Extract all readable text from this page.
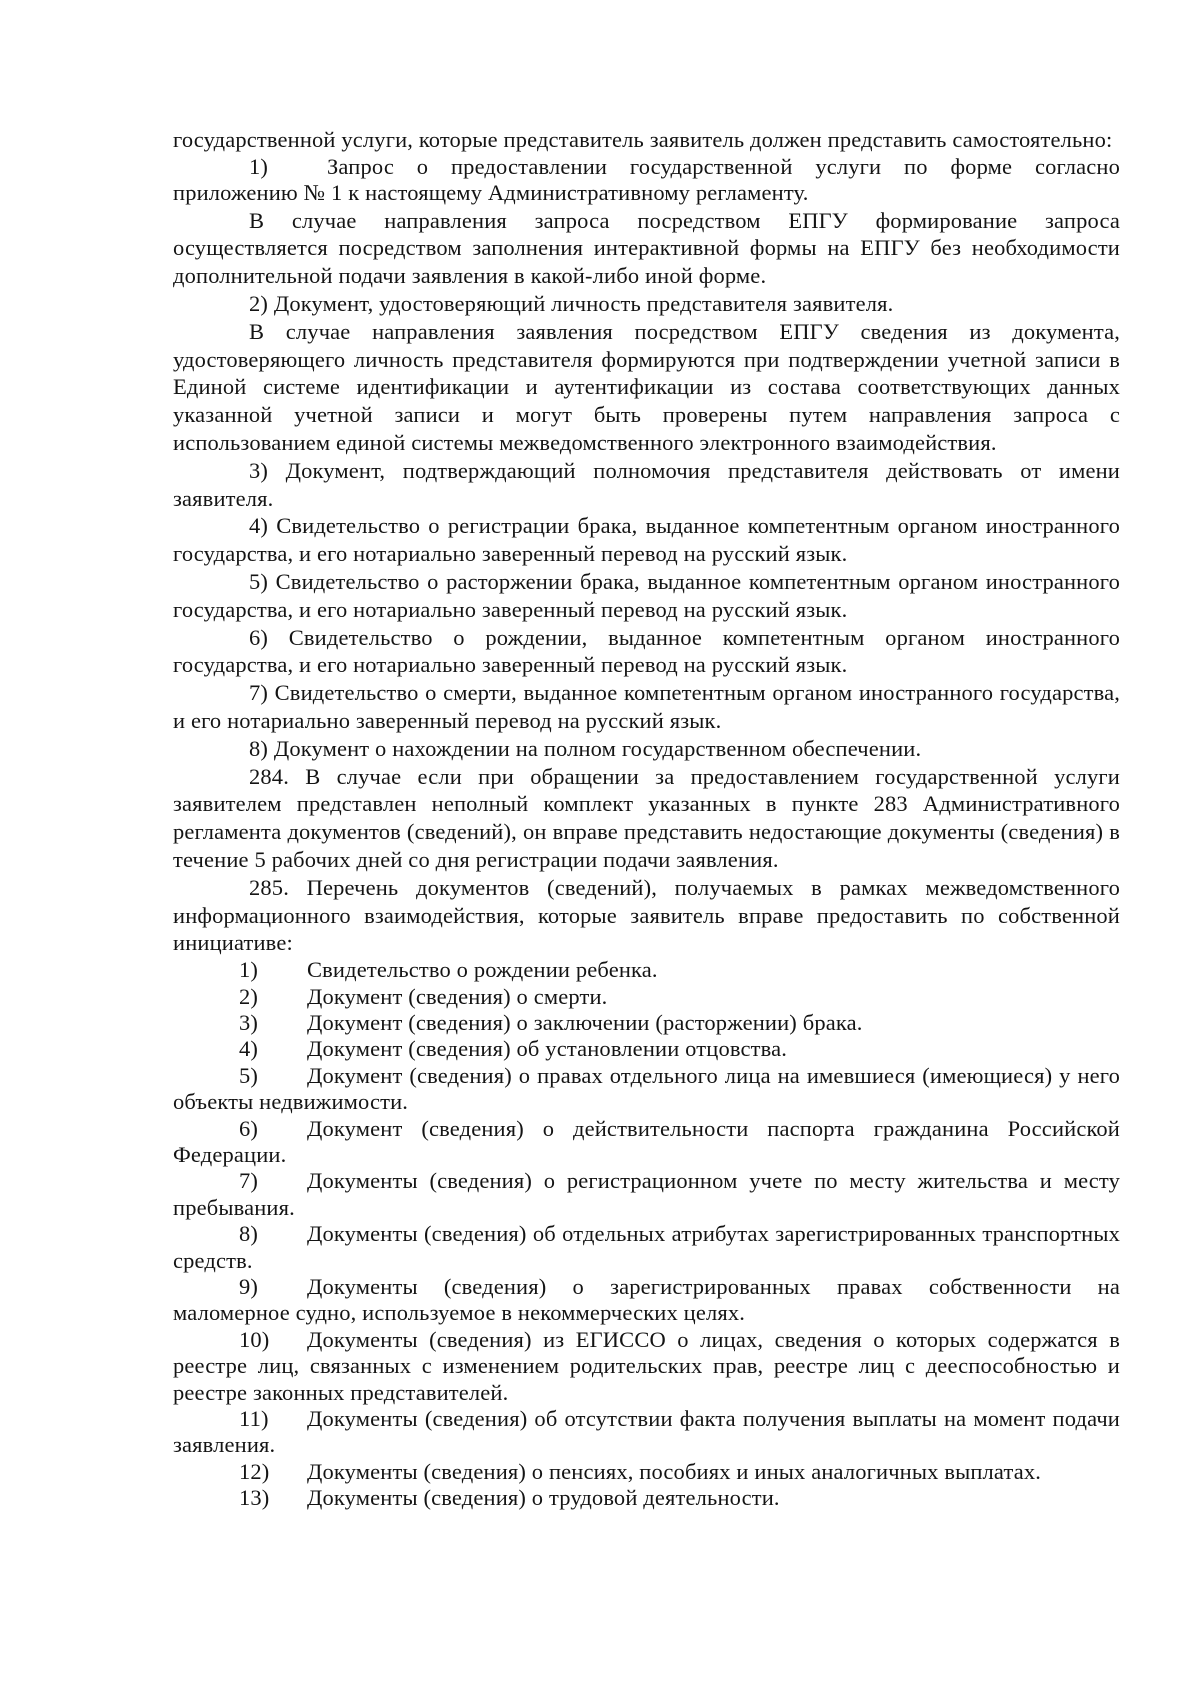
государственной услуги, которые представитель заявитель должен представить самостоятельно:

1)	Запрос о предоставлении государственной услуги по форме согласно приложению № 1 к настоящему Административному регламенту.

В случае направления запроса посредством ЕПГУ формирование запроса осуществляется посредством заполнения интерактивной формы на ЕПГУ без необходимости дополнительной подачи заявления в какой-либо иной форме.

2) Документ, удостоверяющий личность представителя заявителя.

В случае направления заявления посредством ЕПГУ сведения из документа, удостоверяющего личность представителя формируются при подтверждении учетной записи в Единой системе идентификации и аутентификации из состава соответствующих данных указанной учетной записи и могут быть проверены путем направления запроса с использованием единой системы межведомственного электронного взаимодействия.

3) Документ, подтверждающий полномочия представителя действовать от имени заявителя.

4) Свидетельство о регистрации брака, выданное компетентным органом иностранного государства, и его нотариально заверенный перевод на русский язык.

5) Свидетельство о расторжении брака, выданное компетентным органом иностранного государства, и его нотариально заверенный перевод на русский язык.

6) Свидетельство о рождении, выданное компетентным органом иностранного государства, и его нотариально заверенный перевод на русский язык.

7) Свидетельство о смерти, выданное компетентным органом иностранного государства, и его нотариально заверенный перевод на русский язык.

8) Документ о нахождении на полном государственном обеспечении.

284. В случае если при обращении за предоставлением государственной услуги заявителем представлен неполный комплект указанных в пункте 283 Административного регламента документов (сведений), он вправе представить недостающие документы (сведения) в течение 5 рабочих дней со дня регистрации подачи заявления.

285. Перечень документов (сведений), получаемых в рамках межведомственного информационного взаимодействия, которые заявитель вправе предоставить по собственной инициативе:

1) Свидетельство о рождении ребенка.

2) Документ (сведения) о смерти.

3) Документ (сведения) о заключении (расторжении) брака.

4) Документ (сведения) об установлении отцовства.

5) Документ (сведения) о правах отдельного лица на имевшиеся (имеющиеся) у него объекты недвижимости.

6) Документ (сведения) о действительности паспорта гражданина Российской Федерации.

7) Документы (сведения) о регистрационном учете по месту жительства и месту пребывания.

8) Документы (сведения) об отдельных атрибутах зарегистрированных транспортных средств.

9) Документы (сведения) о зарегистрированных правах собственности на маломерное судно, используемое в некоммерческих целях.

10) Документы (сведения) из ЕГИССО о лицах, сведения о которых содержатся в реестре лиц, связанных с изменением родительских прав, реестре лиц с дееспособностью и реестре законных представителей.

11) Документы (сведения) об отсутствии факта получения выплаты на момент подачи заявления.

12) Документы (сведения) о пенсиях, пособиях и иных аналогичных выплатах.

13) Документы (сведения) о трудовой деятельности.
